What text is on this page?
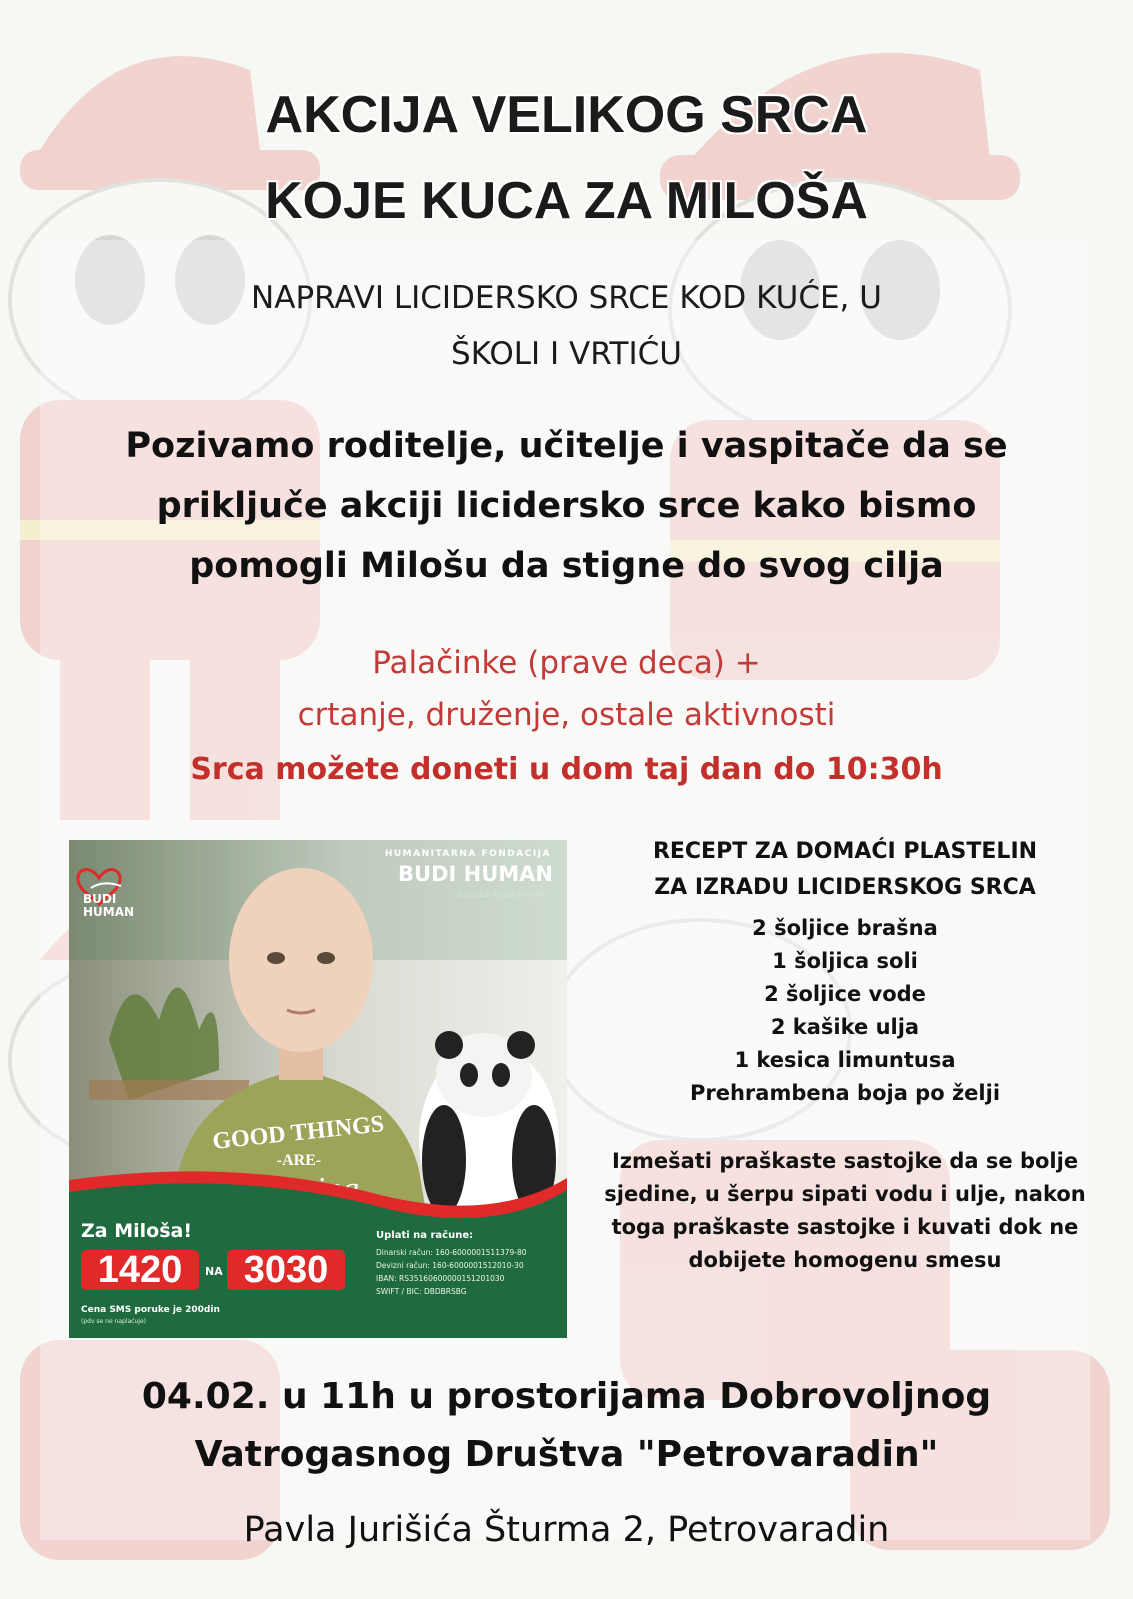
AKCIJA VELIKOG SRCA
KOJE KUCA ZA MILOŠA
NAPRAVI LICIDERSKO SRCE KOD KUĆE, U
ŠKOLI I VRTIĆU
Pozivamo roditelje, učitelje i vaspitače da se
priključe akciji licidersko srce kako bismo
pomogli Milošu da stigne do svog cilja
Palačinke (prave deca) +
crtanje, druženje, ostale aktivnosti
Srca možete doneti u dom taj dan do 10:30h
GOOD THINGS
-ARE-
BUDI
HUMAN
HUMANITARNA FONDACIJA
BUDI HUMAN
Jednaka šansa za sve
Za Miloša!
1420	NA 3030
Cena SMS poruke je 200din
(pdv se ne naplaćuje)
Uplati na račune:
Dinarski račun: 160-6000001511379-80
Devizni račun: 160-6000001512010-30
IBAN: RS35160600000151201030
SWIFT / BIC: DBDBRSBG
RECEPT ZA DOMAĆI PLASTELIN
ZA IZRADU LICIDERSKOG SRCA
2 šoljice brašna
1 šoljica soli
2 šoljice vode
2 kašike ulja
1 kesica limuntusa
Prehrambena boja po želji
Izmešati praškaste sastojke da se bolje
sjedine, u šerpu sipati vodu i ulje, nakon
toga praškaste sastojke i kuvati dok ne
dobijete homogenu smesu
04.02. u 11h u prostorijama Dobrovoljnog
Vatrogasnog Društva "Petrovaradin"
Pavla Jurišića Šturma 2, Petrovaradin
